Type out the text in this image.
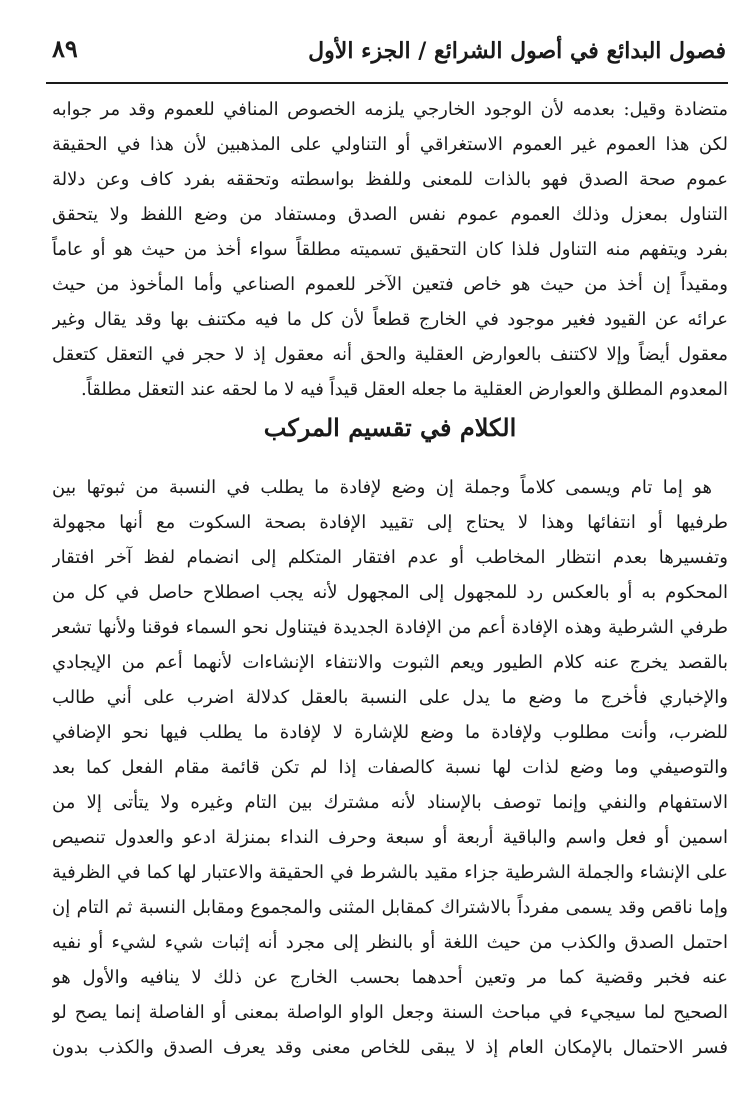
فصول البدائع في أصول الشرائع / الجزء الأول
٨٩
متضادة وقيل: بعدمه لأن الوجود الخارجي يلزمه الخصوص المنافي للعموم وقد مر جوابه
لكن هذا العموم غير العموم الاستغراقي أو التناولي على المذهبين لأن هذا في الحقيقة
عموم صحة الصدق فهو بالذات للمعنى وللفظ بواسطته وتحققه بفرد كاف وعن دلالة
التناول بمعزل وذلك العموم عموم نفس الصدق ومستفاد من وضع اللفظ ولا يتحقق
بفرد ويتفهم منه التناول فلذا كان التحقيق تسميته مطلقاً سواء أخذ من حيث هو أو عاماً
ومقيداً إن أخذ من حيث هو خاص فتعين الآخر للعموم الصناعي وأما المأخوذ من حيث
عرائه عن القيود فغير موجود في الخارج قطعاً لأن كل ما فيه مكتنف بها وقد يقال وغير
معقول أيضاً وإلا لاكتنف بالعوارض العقلية والحق أنه معقول إذ لا حجر في التعقل كتعقل
المعدوم المطلق والعوارض العقلية ما جعله العقل قيداً فيه لا ما لحقه عند التعقل مطلقاً.
الكلام في تقسيم المركب
هو إما تام ويسمى كلاماً وجملة إن وضع لإفادة ما يطلب في النسبة من ثبوتها بين
طرفيها أو انتفائها وهذا لا يحتاج إلى تقييد الإفادة بصحة السكوت مع أنها مجهولة
وتفسيرها بعدم انتظار المخاطب أو عدم افتقار المتكلم إلى انضمام لفظ آخر افتقار
المحكوم به أو بالعكس رد للمجهول إلى المجهول لأنه يجب اصطلاح حاصل في كل من
طرفي الشرطية وهذه الإفادة أعم من الإفادة الجديدة فيتناول نحو السماء فوقنا ولأنها تشعر
بالقصد يخرج عنه كلام الطيور ويعم الثبوت والانتفاء الإنشاءات لأنهما أعم من الإيجادي
والإخباري فأخرج ما وضع ما يدل على النسبة بالعقل كدلالة اضرب على أني طالب
للضرب، وأنت مطلوب ولإفادة ما وضع للإشارة لا لإفادة ما يطلب فيها نحو الإضافي
والتوصيفي وما وضع لذات لها نسبة كالصفات إذا لم تكن قائمة مقام الفعل كما بعد
الاستفهام والنفي وإنما توصف بالإسناد لأنه مشترك بين التام وغيره ولا يتأتى إلا من
اسمين أو فعل واسم والباقية أربعة أو سبعة وحرف النداء بمنزلة ادعو والعدول تنصيص
على الإنشاء والجملة الشرطية جزاء مقيد بالشرط في الحقيقة والاعتبار لها كما في الظرفية
وإما ناقص وقد يسمى مفرداً بالاشتراك كمقابل المثنى والمجموع ومقابل النسبة ثم التام إن
احتمل الصدق والكذب من حيث اللغة أو بالنظر إلى مجرد أنه إثبات شيء لشيء أو نفيه
عنه فخبر وقضية كما مر وتعين أحدهما بحسب الخارج عن ذلك لا ينافيه والأول هو
الصحيح لما سيجيء في مباحث السنة وجعل الواو الواصلة بمعنى أو الفاصلة إنما يصح لو
فسر الاحتمال بالإمكان العام إذ لا يبقى للخاص معنى وقد يعرف الصدق والكذب بدون
